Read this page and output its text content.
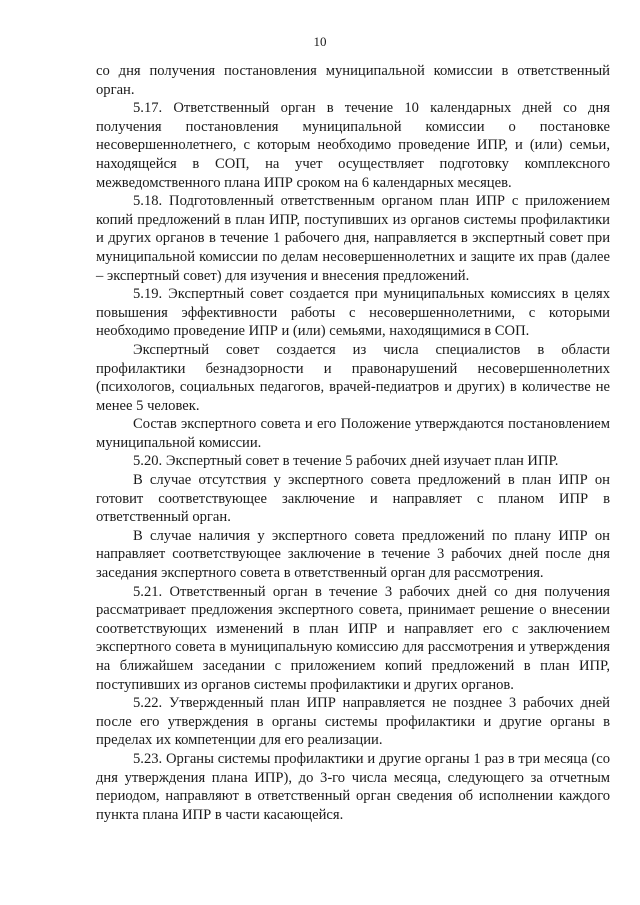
10

со дня получения постановления муниципальной комиссии в ответственный орган.

5.17. Ответственный орган в течение 10 календарных дней со дня получения постановления муниципальной комиссии о постановке несовершеннолетнего, с которым необходимо проведение ИПР, и (или) семьи, находящейся в СОП, на учет осуществляет подготовку комплексного межведомственного плана ИПР сроком на 6 календарных месяцев.

5.18. Подготовленный ответственным органом план ИПР с приложением копий предложений в план ИПР, поступивших из органов системы профилактики и других органов в течение 1 рабочего дня, направляется в экспертный совет при муниципальной комиссии по делам несовершеннолетних и защите их прав (далее – экспертный совет) для изучения и внесения предложений.

5.19. Экспертный совет создается при муниципальных комиссиях в целях повышения эффективности работы с несовершеннолетними, с которыми необходимо проведение ИПР и (или) семьями, находящимися в СОП.

Экспертный совет создается из числа специалистов в области профилактики безнадзорности и правонарушений несовершеннолетних (психологов, социальных педагогов, врачей-педиатров и других) в количестве не менее 5 человек.

Состав экспертного совета и его Положение утверждаются постановлением муниципальной комиссии.

5.20. Экспертный совет в течение 5 рабочих дней изучает план ИПР.

В случае отсутствия у экспертного совета предложений в план ИПР он готовит соответствующее заключение и направляет с планом ИПР в ответственный орган.

В случае наличия у экспертного совета предложений по плану ИПР он направляет соответствующее заключение в течение 3 рабочих дней после дня заседания экспертного совета в ответственный орган для рассмотрения.

5.21. Ответственный орган в течение 3 рабочих дней со дня получения рассматривает предложения экспертного совета, принимает решение о внесении соответствующих изменений в план ИПР и направляет его с заключением экспертного совета в муниципальную комиссию для рассмотрения и утверждения на ближайшем заседании с приложением копий предложений в план ИПР, поступивших из органов системы профилактики и других органов.

5.22. Утвержденный план ИПР направляется не позднее 3 рабочих дней после его утверждения в органы системы профилактики и другие органы в пределах их компетенции для его реализации.

5.23. Органы системы профилактики и другие органы 1 раз в три месяца (со дня утверждения плана ИПР), до 3-го числа месяца, следующего за отчетным периодом, направляют в ответственный орган сведения об исполнении каждого пункта плана ИПР в части касающейся.
